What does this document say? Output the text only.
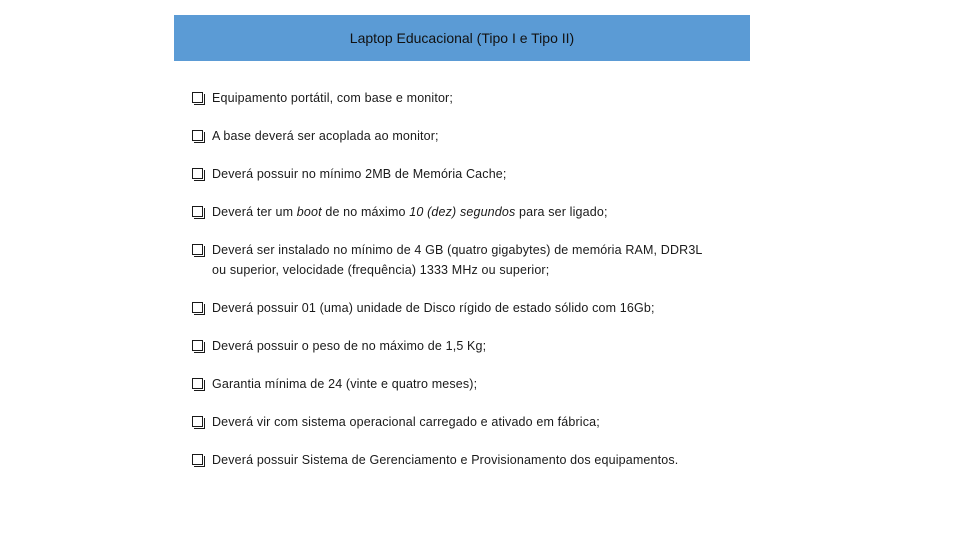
Laptop Educacional (Tipo I e Tipo II)
Equipamento portátil, com base e monitor;
A base deverá ser acoplada ao monitor;
Deverá possuir no mínimo 2MB de Memória Cache;
Deverá ter um boot de no máximo 10 (dez) segundos para ser ligado;
Deverá ser instalado no mínimo de 4 GB (quatro gigabytes) de memória RAM, DDR3L ou superior, velocidade (frequência) 1333 MHz ou superior;
Deverá possuir 01 (uma) unidade de Disco rígido de estado sólido com 16Gb;
Deverá possuir o peso de no máximo de 1,5 Kg;
Garantia mínima de 24 (vinte e quatro meses);
Deverá vir com sistema operacional carregado e ativado em fábrica;
Deverá possuir Sistema de Gerenciamento e Provisionamento dos equipamentos.
